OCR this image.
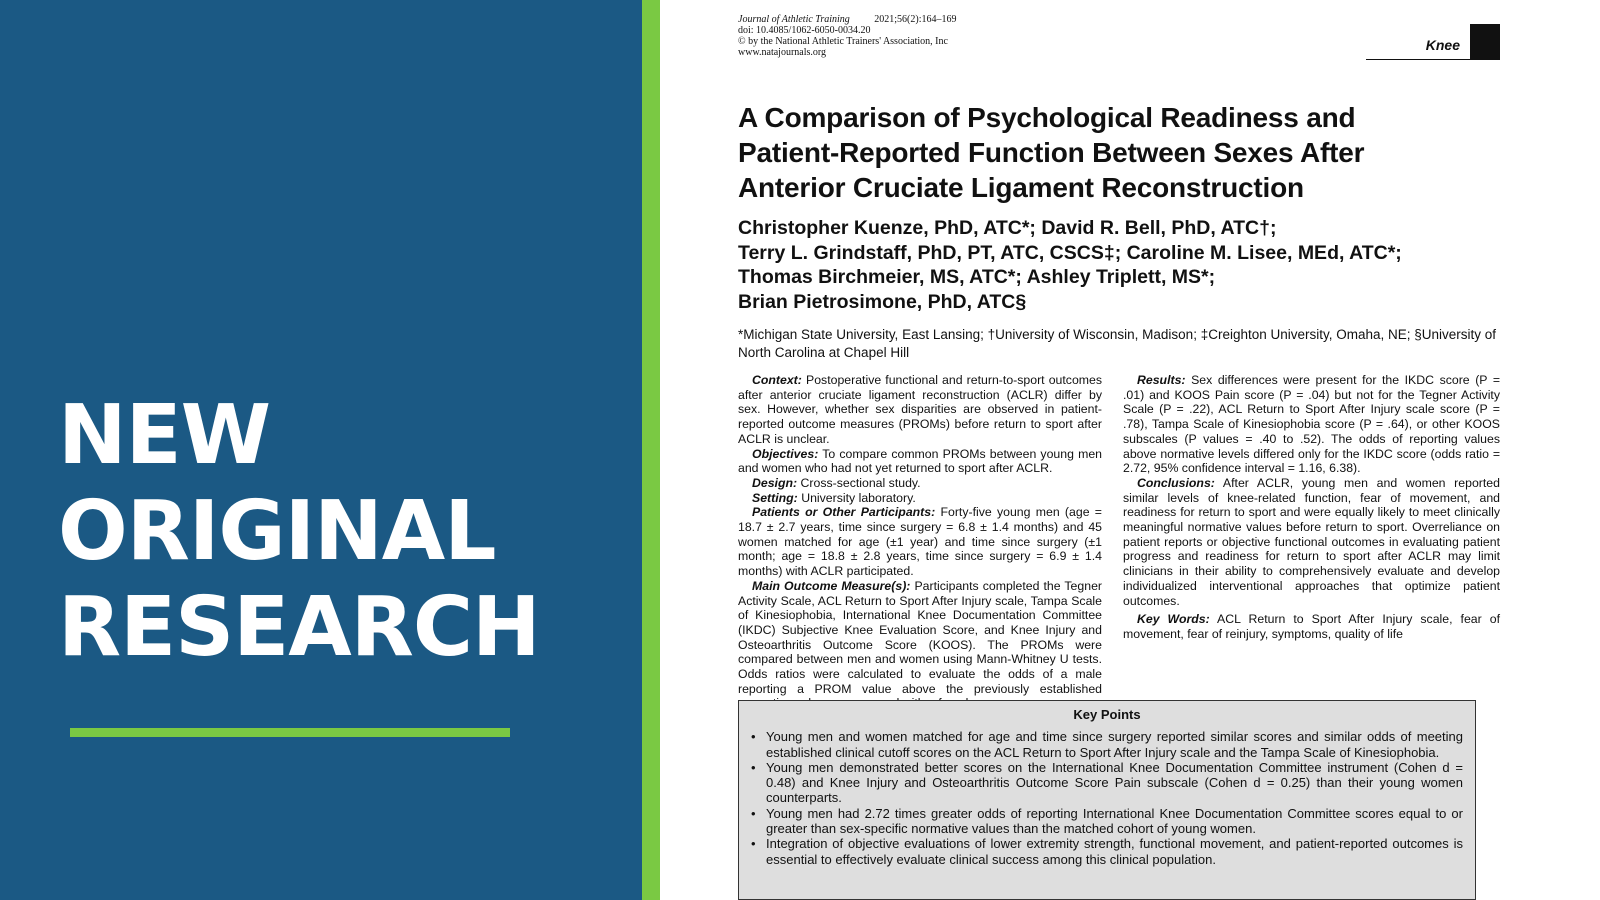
NEW
ORIGINAL
RESEARCH
Journal of Athletic Training 2021;56(2):164–169
doi: 10.4085/1062-6050-0034.20
© by the National Athletic Trainers' Association, Inc
www.natajournals.org	Knee
A Comparison of Psychological Readiness and Patient-Reported Function Between Sexes After Anterior Cruciate Ligament Reconstruction
Christopher Kuenze, PhD, ATC*; David R. Bell, PhD, ATC†;
Terry L. Grindstaff, PhD, PT, ATC, CSCS‡; Caroline M. Lisee, MEd, ATC*;
Thomas Birchmeier, MS, ATC*; Ashley Triplett, MS*;
Brian Pietrosimone, PhD, ATC§
*Michigan State University, East Lansing; †University of Wisconsin, Madison; ‡Creighton University, Omaha, NE; §University of North Carolina at Chapel Hill

Context: Postoperative functional and return-to-sport outcomes after anterior cruciate ligament reconstruction (ACLR) differ by sex. However, whether sex disparities are observed in patient-reported outcome measures (PROMs) before return to sport after ACLR is unclear.

Objectives: To compare common PROMs between young men and women who had not yet returned to sport after ACLR.

Design: Cross-sectional study.

Setting: University laboratory.

Patients or Other Participants: Forty-five young men (age = 18.7 ± 2.7 years, time since surgery = 6.8 ± 1.4 months) and 45 women matched for age (±1 year) and time since surgery (±1 month; age = 18.8 ± 2.8 years, time since surgery = 6.9 ± 1.4 months) with ACLR participated.

Main Outcome Measure(s): Participants completed the Tegner Activity Scale, ACL Return to Sport After Injury scale, Tampa Scale of Kinesiophobia, International Knee Documentation Committee (IKDC) Subjective Knee Evaluation Score, and Knee Injury and Osteoarthritis Outcome Score (KOOS). The PROMs were compared between men and women using Mann-Whitney U tests. Odds ratios were calculated to evaluate the odds of a male reporting a PROM value above the previously established

Results: Sex differences were present for the IKDC score (P = .01) and KOOS Pain score (P = .04) but not for the Tegner Activity Scale (P = .22), ACL Return to Sport After Injury scale score (P = .78), Tampa Scale of Kinesiophobia score (P = .64), or other KOOS subscales (P values = .40 to .52). The odds of reporting values above normative levels differed only for the IKDC score (odds ratio = 2.72, 95% confidence interval = 1.16, 6.38).

Conclusions: After ACLR, young men and women reported similar levels of knee-related function, fear of movement, and readiness for return to sport and were equally likely to meet clinically meaningful normative values before return to sport. Overreliance on patient reports or objective functional outcomes in evaluating patient progress and readiness for return to sport after ACLR may limit clinicians in their ability to comprehensively evaluate and develop individualized interventional approaches that optimize patient outcomes.

Key Words: ACL Return to Sport After Injury scale, fear of movement, fear of reinjury, symptoms, quality of life

Key Points
• Young men and women matched for age and time since surgery reported similar scores and similar odds of meeting established clinical cutoff scores on the ACL Return to Sport After Injury scale and the Tampa Scale of Kinesiophobia.
• Young men demonstrated better scores on the International Knee Documentation Committee instrument (Cohen d = 0.48) and Knee Injury and Osteoarthritis Outcome Score Pain subscale (Cohen d = 0.25) than their young women counterparts.
• Young men had 2.72 times greater odds of reporting International Knee Documentation Committee scores equal to or greater than sex-specific normative values than the matched cohort of young women.
• Integration of objective evaluations of lower extremity strength, functional movement, and patient-reported outcomes is essential to effectively evaluate clinical success among this clinical population.
